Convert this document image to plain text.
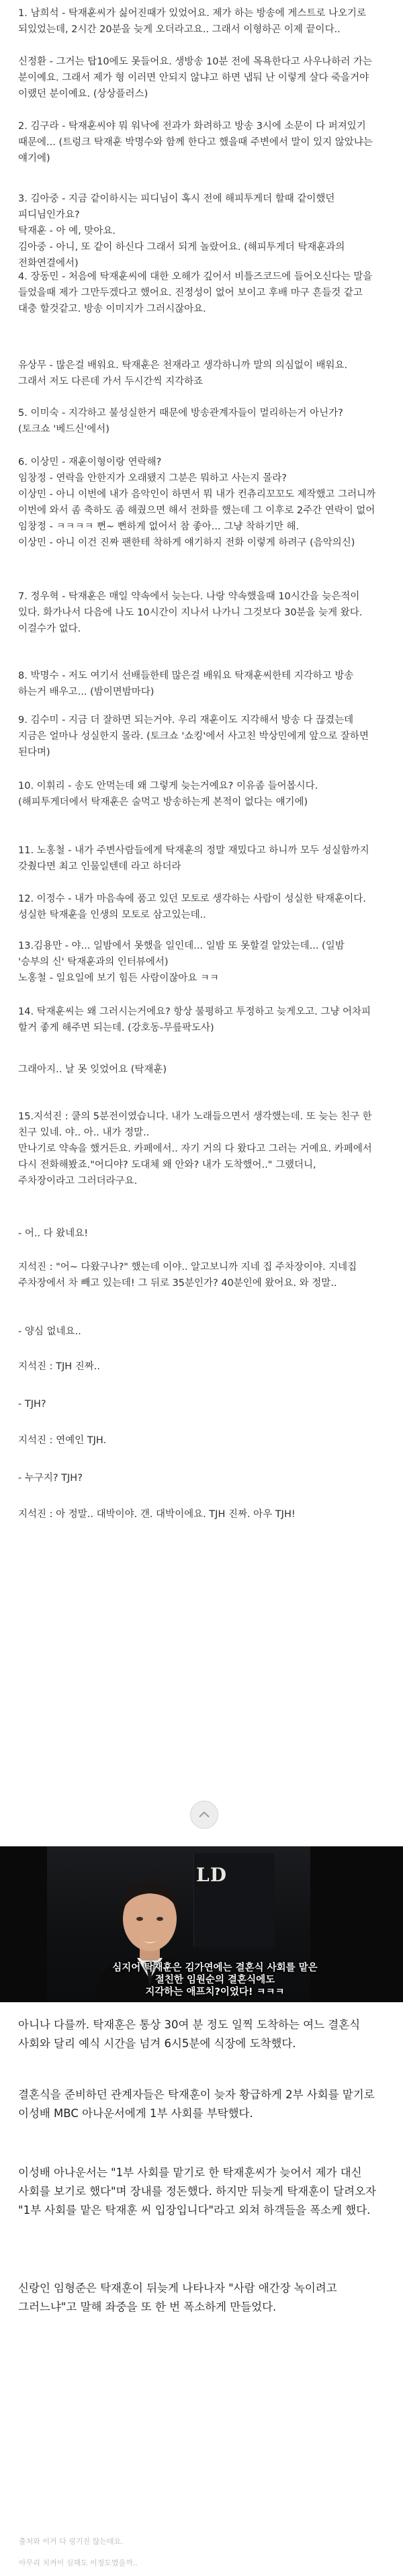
1. 남희석 - 탁재훈씨가 싫어진때가 있었어요. 제가 하는 방송에 게스트로 나오기로 되있었는데, 2시간 20분을 늦게 오더라고요.. 그래서 이형하곤 이제 끝이다..
신정환 - 그거는 탑10에도 못들어요. 생방송 10분 전에 목욕한다고 사우나하러 가는 분이예요. 그래서 제가 형 이러면 안되지 않냐고 하면 냅둬 난 이렇게 살다 죽을거야 이랬던 분이예요. (상상플러스)
2. 김구라 - 탁재훈씨야 뭐 워낙에 전과가 화려하고 방송 3시에 소문이 다 퍼져있기 때문에... (트렁크 탁재훈 박명수와 함께 한다고 했을때 주변에서 말이 있지 않았냐는 얘기에)
3. 김아중 - 지금 같이하시는 피디님이 혹시 전에 해피투게더 할때 같이했던 피디님인가요?
탁재훈 - 아 예, 맞아요.
김아중 - 아니, 또 같이 하신다 그래서 되게 놀랐어요. (해피투게더 탁재훈과의 전화연결에서)
4. 장동민 - 처음에 탁재훈씨에 대한 오해가 깊어서 비틀즈코드에 들어오신다는 말을 들었을때 제가 그만두겠다고 했어요. 진정성이 없어 보이고 후배 마구 흔들것 같고 대충 할것같고. 방송 이미지가 그러시잖아요.
유상무 - 많은걸 배워요. 탁재훈은 천재라고 생각하니까 말의 의심없이 배워요. 그래서 저도 다른데 가서 두시간씩 지각하죠
5. 이미숙 - 지각하고 불성실한거 때문에 방송관계자들이 멀리하는거 아닌가? (토크쇼 '베드신'에서)
6. 이상민 - 재훈이형이랑 연락해?
임창정 - 연락을 안한지가 오래됐지 그분은 뭐하고 사는지 몰라?
이상민 - 아니 이번에 내가 음악인이 하면서 뭐 내가 컨츄리꼬꼬도 제작했고 그러니까 이번에 와서 좀 축하도 좀 해줬으면 해서 전화를 했는데 그 이후로 2주간 연락이 없어
임창정 - ㅋㅋㅋㅋ 뻔~ 뻔하게 없어서 참 좋아... 그냥 착하기만 해.
이상민 - 아니 이건 진짜 팬한테 착하게 얘기하지 전화 이렇게 하려구 (음악의신)
7. 정우혁 - 탁재훈은 매일 약속에서 늦는다. 나랑 약속했을때 10시간을 늦은적이 있다. 화가나서 다음에 나도 10시간이 지나서 나가니 그것보다 30분을 늦게 왔다. 이걸수가 없다.
8. 박명수 - 저도 여기서 선배들한테 많은걸 배워요 탁재훈씨한테 지각하고 방송 하는거 배우고... (밤이면밤마다)
9. 김수미 - 지금 더 잘하면 되는거야. 우리 재훈이도 지각해서 방송 다 끊겼는데 지금은 얼마나 성실한지 몰라. (토크쇼 '쇼킹'에서 사고친 박상민에게 앞으로 잘하면 된다며)
10. 이휘리 - 송도 안먹는데 왜 그렇게 늦는거예요? 이유좀 들어봅시다. (해피투게더에서 탁재훈은 술먹고 방송하는게 본적이 없다는 얘기에)
11. 노홍철 - 내가 주변사람들에게 탁재훈의 정말 재밌다고 하니까 모두 성실함까지 갖췄다면 최고 인물일텐데 라고 하더라
12. 이정수 - 내가 마음속에 품고 있던 모토로 생각하는 사람이 성실한 탁재훈이다. 성실한 탁재훈을 인생의 모토로 삼고있는데..
13.김용만 - 야... 일밤에서 못했을 일인데... 일밤 또 못할걸 알았는데... (일밤 '승부의 신' 탁재훈과의 인터뷰에서)
노홍철 - 일요일에 보기 힘든 사람이잖아요 ㅋㅋ
14. 탁재훈씨는 왜 그러시는거에요? 항상 불평하고 투정하고 늦게오고. 그냥 어차피 할거 좋게 해주면 되는데. (강호동-무릎팍도사)
그래아지.. 날 못 잊었어요 (탁재훈)
15.지석진 : 쿨의 5분전이였습니다. 내가 노래들으면서 생각했는데. 또 늦는 친구 한 친구 있네. 야.. 아.. 내가 정말..
만나기로 약속을 했거든요. 카페에서.. 자기 거의 다 왔다고 그러는 거예요. 카페에서 다시 전화해봤죠."어디야? 도대체 왜 안와? 내가 도착했어.." 그랬더니,
주차장이라고 그러더라구요.
- 어.. 다 왔네요!
지석진 : "어~ 다왔구나?" 했는데 이야.. 알고보니까 지네 집 주차장이야. 지네집 주차장에서 차 빼고 있는데! 그 뒤로 35분인가? 40분인에 왔어요. 와 정말..
- 양심 없네요..
지석진 : TJH 진짜..
- TJH?
지석진 : 연예인 TJH.
- 누구지? TJH?
지석진 : 아 정말.. 대박이야. 갠. 대박이에요. TJH 진짜. 아우 TJH!
LD
심지어 탁재훈은 김가연에는 결혼식 사회를 맡은
절친한 임원순의 결혼식에도
지각하는 애프치?이었다! ㅋㅋㅋ
아니나 다를까. 탁재훈은 통상 30여 분 정도 일찍 도착하는 여느 결혼식 사회와 달리 예식 시간을 넘겨 6시5분에 식장에 도착했다.
결혼식을 준비하던 관계자들은 탁재훈이 늦자 황급하게 2부 사회를 맡기로 이성배 MBC 아나운서에게 1부 사회를 부탁했다.
이성배 아나운서는 "1부 사회를 맡기로 한 탁재훈씨가 늦어서 제가 대신 사회를 보기로 했다"며 장내를 정돈했다. 하지만 뒤늦게 탁재훈이 달려오자 "1부 사회를 맡은 탁재훈 씨 입장입니다"라고 외쳐 하객들을 폭소케 했다.
신랑인 임형준은 탁재훈이 뒤늦게 나타나자 "사람 애간장 녹이려고 그러느냐"고 말해 좌중을 또 한 번 폭소하게 만들었다.
출처와 이거 다 링기진 않는데요.
아무리 치켜이 심해도 이정도였을까..
